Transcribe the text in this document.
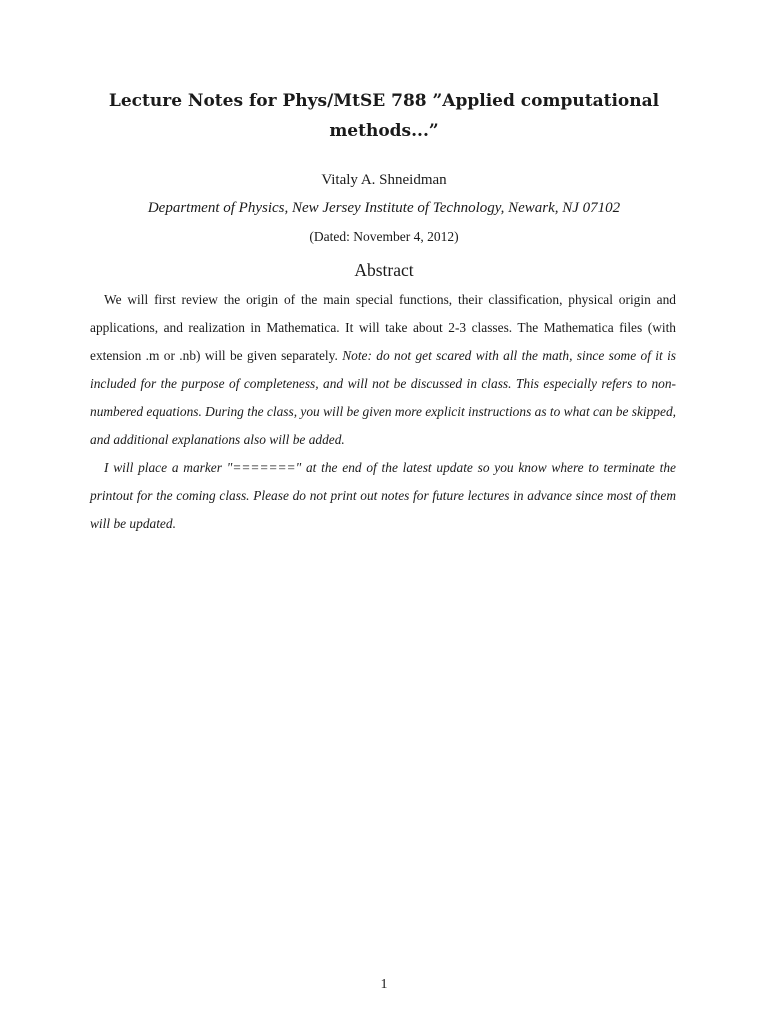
Lecture Notes for Phys/MtSE 788 ”Applied computational
methods...”
Vitaly A. Shneidman
Department of Physics, New Jersey Institute of Technology, Newark, NJ 07102
(Dated: November 4, 2012)
Abstract

We will first review the origin of the main special functions, their classification, physical origin and applications, and realization in Mathematica. It will take about 2-3 classes. The Mathematica files (with extension .m or .nb) will be given separately. Note: do not get scared with all the math, since some of it is included for the purpose of completeness, and will not be discussed in class. This especially refers to non-numbered equations. During the class, you will be given more explicit instructions as to what can be skipped, and additional explanations also will be added.

I will place a marker "=======" at the end of the latest update so you know where to terminate the printout for the coming class. Please do not print out notes for future lectures in advance since most of them will be updated.

1
